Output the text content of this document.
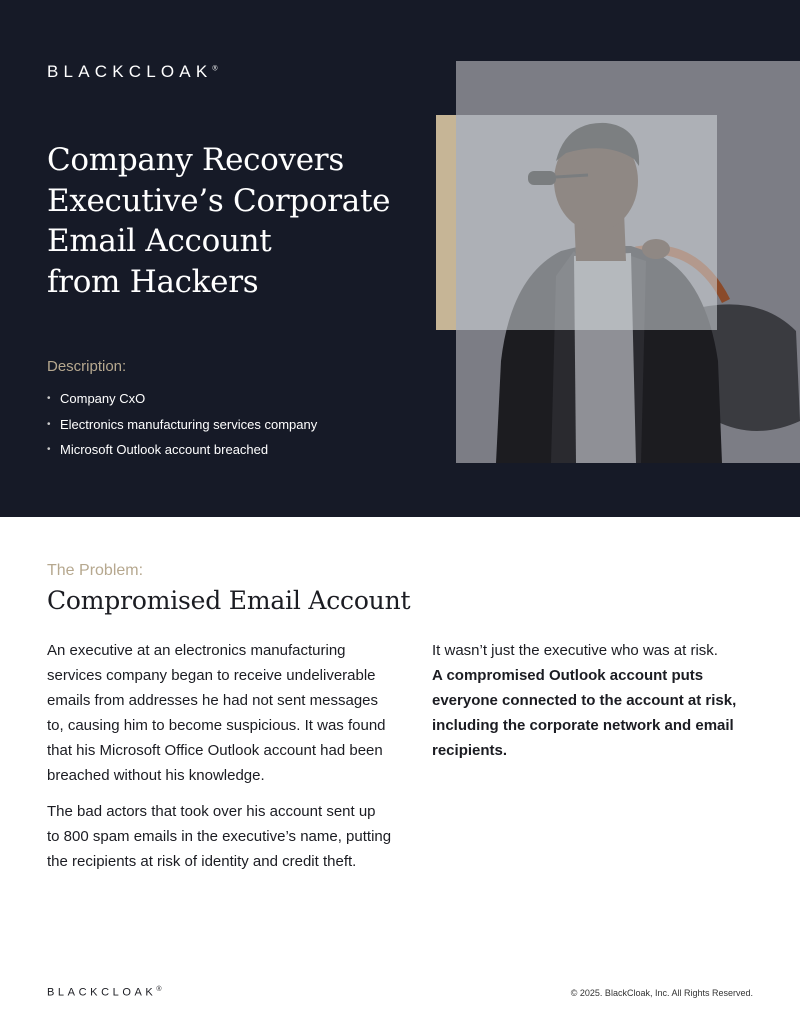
BLACKCLOAK®
Company Recovers
Executive’s Corporate
Email Account
from Hackers
Description:
• Company CxO
• Electronics manufacturing services company
• Microsoft Outlook account breached
The Problem:
Compromised Email Account

An executive at an electronics manufacturing services company began to receive undeliverable emails from addresses he had not sent messages to, causing him to become suspicious. It was found that his Microsoft Office Outlook account had been breached without his knowledge.

The bad actors that took over his account sent up to 800 spam emails in the executive’s name, putting the recipients at risk of identity and credit theft.

It wasn’t just the executive who was at risk.
A compromised Outlook account puts everyone connected to the account at risk, including the corporate network and email recipients.
BLACKCLOAK®	© 2025. BlackCloak, Inc. All Rights Reserved.
